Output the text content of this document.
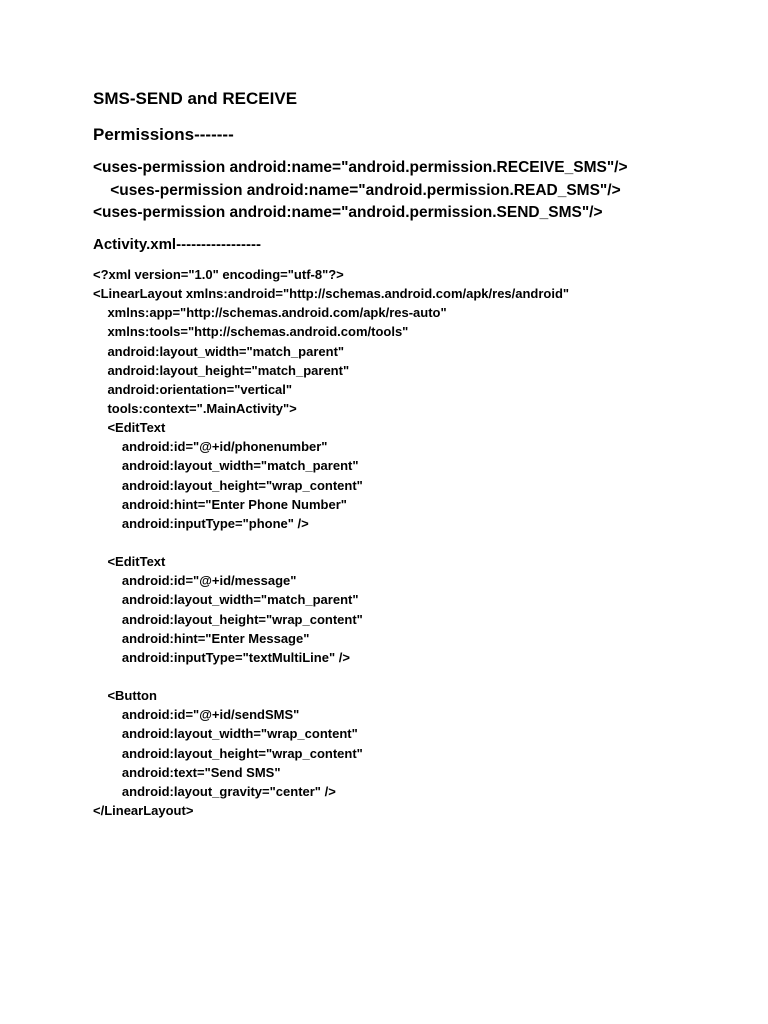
SMS-SEND and RECEIVE
Permissions-------
<uses-permission android:name="android.permission.RECEIVE_SMS"/>
<uses-permission android:name="android.permission.READ_SMS"/>
<uses-permission android:name="android.permission.SEND_SMS"/>
Activity.xml-----------------
<?xml version="1.0" encoding="utf-8"?>
<LinearLayout xmlns:android="http://schemas.android.com/apk/res/android"
xmlns:app="http://schemas.android.com/apk/res-auto"
xmlns:tools="http://schemas.android.com/tools"
android:layout_width="match_parent"
android:layout_height="match_parent"
android:orientation="vertical"
tools:context=".MainActivity">
<EditText
android:id="@+id/phonenumber"
android:layout_width="match_parent"
android:layout_height="wrap_content"
android:hint="Enter Phone Number"
android:inputType="phone" />
<EditText
android:id="@+id/message"
android:layout_width="match_parent"
android:layout_height="wrap_content"
android:hint="Enter Message"
android:inputType="textMultiLine" />
<Button
android:id="@+id/sendSMS"
android:layout_width="wrap_content"
android:layout_height="wrap_content"
android:text="Send SMS"
android:layout_gravity="center" />
</LinearLayout>
